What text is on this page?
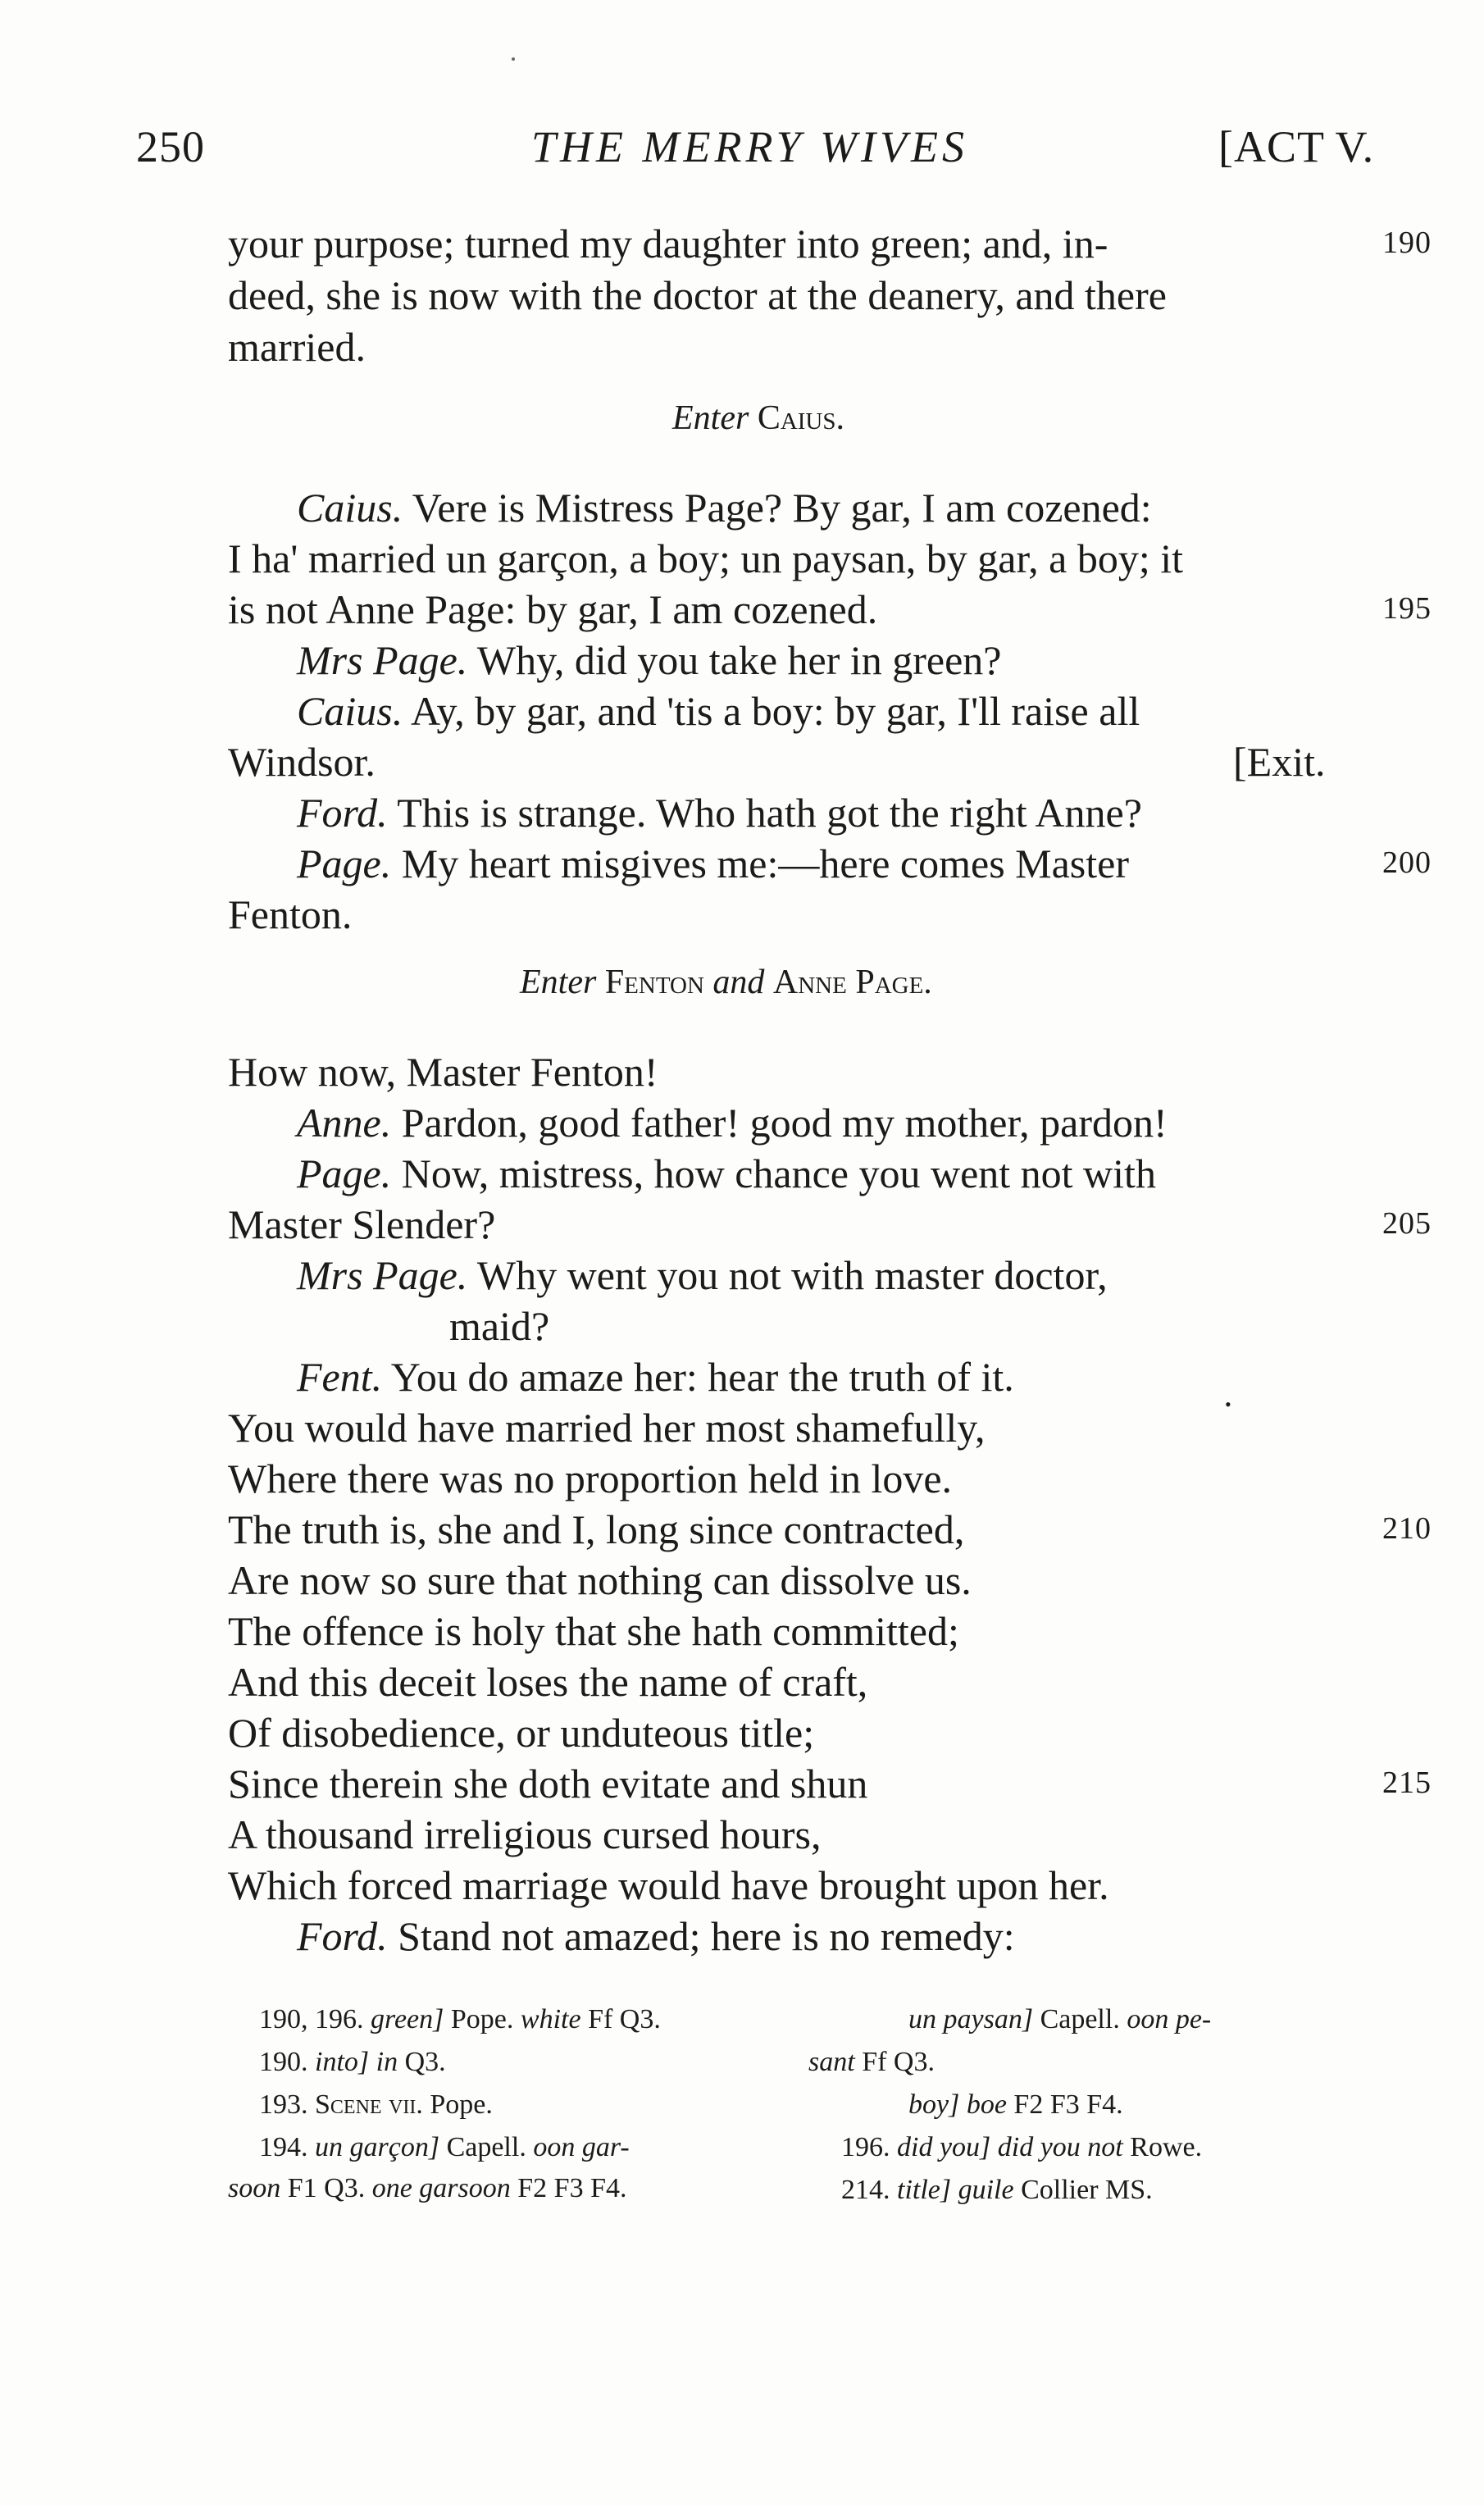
250	THE MERRY WIVES	[ACT V.
your purpose; turned my daughter into green; and, in-	190
deed, she is now with the doctor at the deanery, and there
married.
Caius. Vere is Mistress Page? By gar, I am cozened:
I ha' married un garçon, a boy; un paysan, by gar, a boy; it
is not Anne Page: by gar, I am cozened.	195
Mrs Page. Why, did you take her in green?
Caius. Ay, by gar, and 'tis a boy: by gar, I'll raise all
Windsor.
Ford. This is strange. Who hath got the right Anne?
Page. My heart misgives me:—here comes Master	200
Fenton.
How now, Master Fenton!
Anne. Pardon, good father! good my mother, pardon!
Page. Now, mistress, how chance you went not with
Master Slender?	205
Mrs Page. Why went you not with master doctor,
maid?
Fent. You do amaze her: hear the truth of it.
You would have married her most shamefully,
Where there was no proportion held in love.
The truth is, she and I, long since contracted,	210
Are now so sure that nothing can dissolve us.
The offence is holy that she hath committed;
And this deceit loses the name of craft,
Of disobedience, or unduteous title;
Since therein she doth evitate and shun	215
A thousand irreligious cursed hours,
Which forced marriage would have brought upon her.
Ford. Stand not amazed; here is no remedy:
Enter Caius.
Enter Fenton and Anne Page.
[Exit.
•
190, 196. green] Pope. white Ff Q3.
190. into] in Q3.
193. Scene vii. Pope.
194. un garçon] Capell. oon gar-
soon F1 Q3. one garsoon F2 F3 F4.
un paysan] Capell. oon pe-
sant Ff Q3.
boy] boe F2 F3 F4.
196. did you] did you not Rowe.
214. title] guile Collier MS.
